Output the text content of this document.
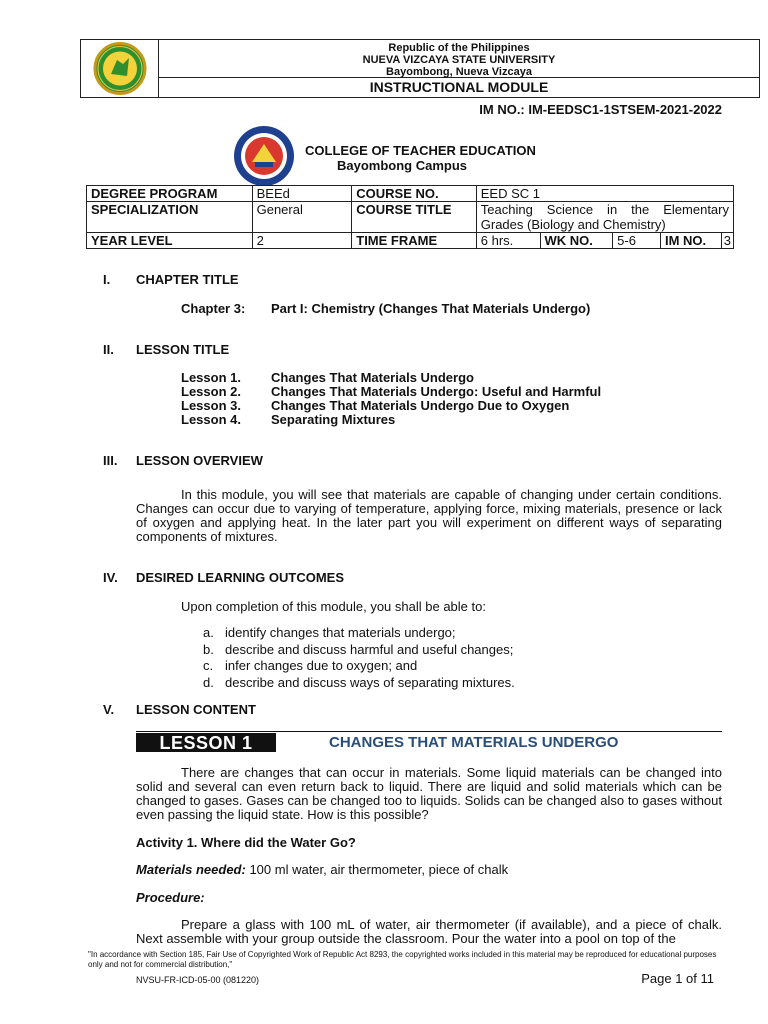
Republic of the Philippines
NUEVA VIZCAYA STATE UNIVERSITY
Bayombong, Nueva Vizcaya
INSTRUCTIONAL MODULE
IM NO.: IM-EEDSC1-1STSEM-2021-2022
COLLEGE OF TEACHER EDUCATION
Bayombong Campus
DEGREE PROGRAM	BEEd	COURSE NO.	EED SC 1				
SPECIALIZATION	General	COURSE TITLE	Teaching Science in the Elementary Grades (Biology and Chemistry)				
YEAR LEVEL	2	TIME FRAME	6 hrs.	WK NO.	5-6	IM NO.	3
I. CHAPTER TITLE
Chapter 3: Part I: Chemistry (Changes That Materials Undergo)
II. LESSON TITLE
Lesson 1. Changes That Materials Undergo
Lesson 2. Changes That Materials Undergo: Useful and Harmful
Lesson 3. Changes That Materials Undergo Due to Oxygen
Lesson 4. Separating Mixtures
III. LESSON OVERVIEW

In this module, you will see that materials are capable of changing under certain conditions. Changes can occur due to varying of temperature, applying force, mixing materials, presence or lack of oxygen and applying heat. In the later part you will experiment on different ways of separating components of mixtures.

IV. DESIRED LEARNING OUTCOMES
Upon completion of this module, you shall be able to:
a. identify changes that materials undergo;
b. describe and discuss harmful and useful changes;
c. infer changes due to oxygen; and
d. describe and discuss ways of separating mixtures.
V. LESSON CONTENT
LESSON 1	CHANGES THAT MATERIALS UNDERGO

There are changes that can occur in materials. Some liquid materials can be changed into solid and several can even return back to liquid. There are liquid and solid materials which can be changed to gases. Gases can be changed too to liquids. Solids can be changed also to gases without even passing the liquid state. How is this possible?

Activity 1. Where did the Water Go?
Materials needed: 100 ml water, air thermometer, piece of chalk
Procedure:

Prepare a glass with 100 mL of water, air thermometer (if available), and a piece of chalk. Next assemble with your group outside the classroom. Pour the water into a pool on top of the

"In accordance with Section 185, Fair Use of Copyrighted Work of Republic Act 8293, the copyrighted works included in this material may be reproduced for educational purposes only and not for commercial distribution,"
NVSU-FR-ICD-05-00 (081220)	Page 1 of 11
